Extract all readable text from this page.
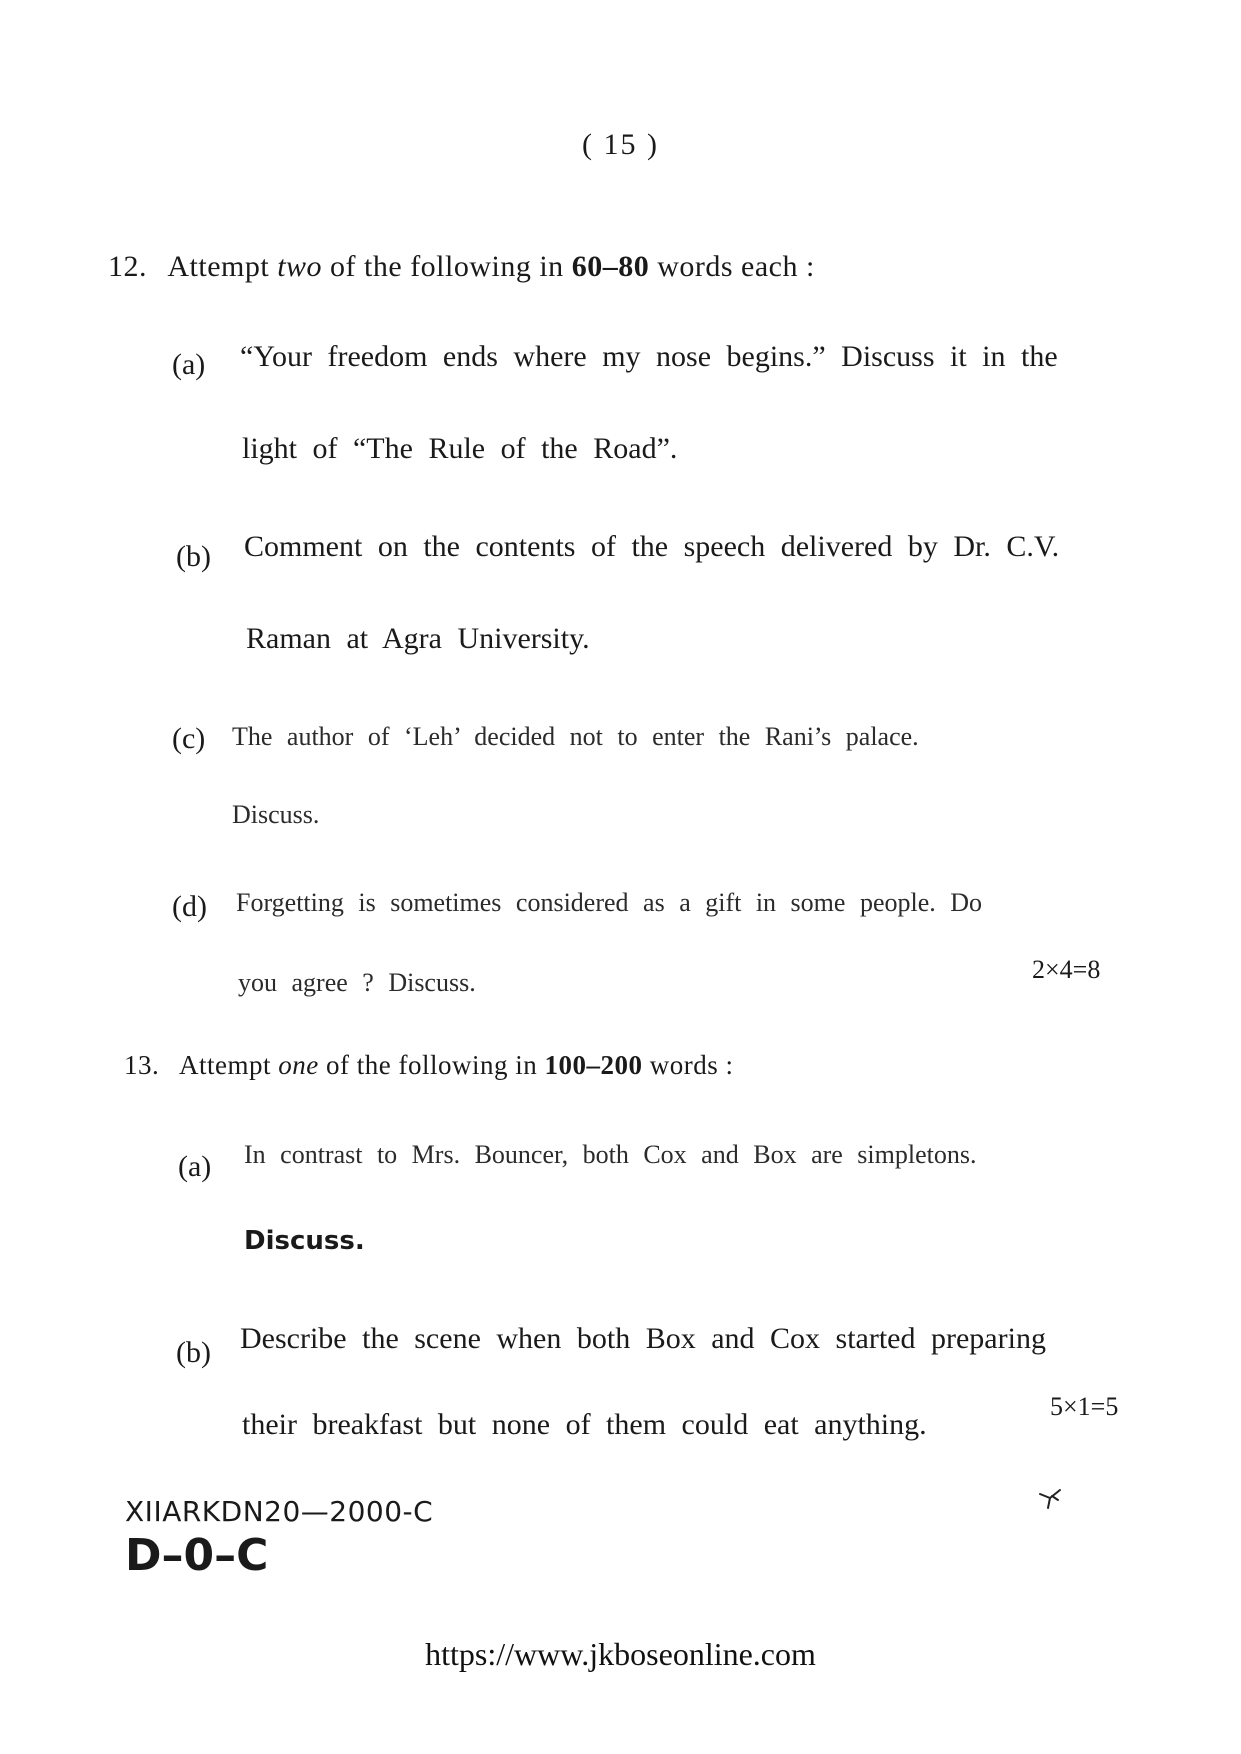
( 15 )
12. Attempt two of the following in 60–80 words each :
(a) “Your freedom ends where my nose begins.” Discuss it in the
light of “The Rule of the Road”.
(b) Comment on the contents of the speech delivered by Dr. C.V.
Raman at Agra University.
(c) The author of ‘Leh’ decided not to enter the Rani’s palace.
Discuss.
(d) Forgetting is sometimes considered as a gift in some people. Do
you agree ? Discuss.	2×4=8
13. Attempt one of the following in 100–200 words :
(a) In contrast to Mrs. Bouncer, both Cox and Box are simpletons.
Discuss.
(b) Describe the scene when both Box and Cox started preparing
their breakfast but none of them could eat anything.
5×1=5
XIIARKDN20—2000-C
D–0–C
https://www.jkboseonline.com
